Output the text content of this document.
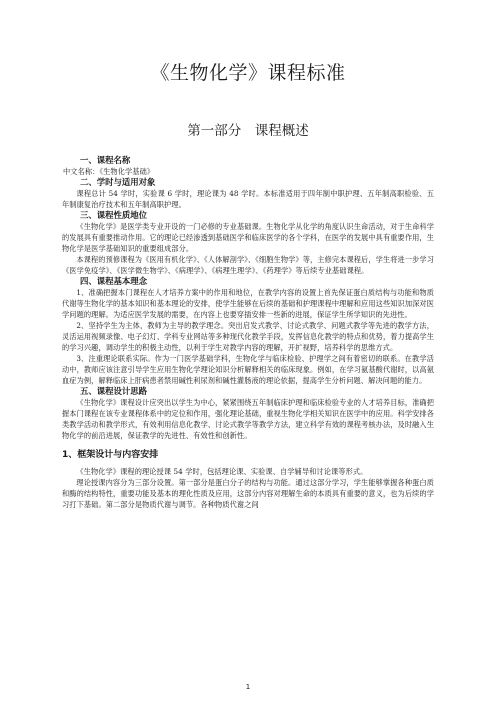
《生物化学》课程标准
第一部分　课程概述
一、课程名称
中文名称：《生物化学基础》
二、学时与适用对象
课程总计 54 学时，实验课 6 学时，理论课为 48 学时。本标准适用于四年制中职护理、五年制高职检验、五年制康复治疗技术和五年制高职护理。
三、课程性质地位
《生物化学》是医学类专业开设的一门必修的专业基础课。生物化学从化学的角度认识生命活动，对于生命科学的发展具有重要推动作用。它的理论已经渗透到基础医学和临床医学的各个学科，在医学的发展中具有重要作用，生物化学是医学基础知识的重要组成部分。
本课程的预修课程为《医用有机化学》、《人体解剖学》、《细胞生物学》等，主修完本课程后，学生将进一步学习《医学免疫学》、《医学微生物学》、《病理学》、《病理生理学》、《药理学》等后续专业基础课程。
四、课程基本理念
1、准确把握本门课程在人才培养方案中的作用和地位，在教学内容的设置上首先保证蛋白质结构与功能和物质代谢等生物化学的基本知识和基本理论的安排，使学生能够在后续的基础和护理课程中理解和应用这些知识加深对医学问题的理解。为适应医学发展的需要，在内容上也要穿插安排一些新的进展，保证学生所学知识的先进性。
2、坚持学生为主体，教师为主导的教学理念。突出启发式教学、讨论式教学、问题式教学等先进的教学方法，灵活运用视频录像、电子幻灯、学科专业网站等多种现代化教学手段，发挥信息化教学的特点和优势，着力提高学生的学习兴趣，调动学生的积极主动性，以利于学生对教学内容的理解，开扩视野，培养科学的思维方式。
3、注重理论联系实际。作为一门医学基础学科，生物化学与临床检验、护理学之间有着密切的联系。在教学活动中，教师应该注意引导学生应用生物化学理论知识分析解释相关的临床现象。例如，在学习氨基酸代谢时，以高氨血症为例，解释临床上肝病患者禁用碱性利尿剂和碱性灌肠液的理论依据，提高学生分析问题、解决问题的能力。
五、课程设计思路
《生物化学》课程设计应突出以学生为中心，紧紧围绕五年制临床护理和临床检验专业的人才培养目标，准确把握本门课程在该专业课程体系中的定位和作用，强化理论基础，重视生物化学相关知识在医学中的应用。科学安排各类教学活动和教学形式，有效利用信息化教学、讨论式教学等教学方法，建立科学有效的课程考核办法，及时融入生物化学的前沿进展，保证教学的先进性、有效性和创新性。
1、框架设计与内容安排
《生物化学》课程的理论授课 54 学时，包括理论课、实验课、自学辅导和讨论课等形式。
理论授课内容分为三部分设置。第一部分是蛋白分子的结构与功能。通过这部分学习，学生能够掌握各种蛋白质和酶的结构特性，重要功能及基本的理化性质及应用，这部分内容对理解生命的本质具有重要的意义，也为后续的学习打下基础。第二部分是物质代谢与调节。各种物质代谢之间
1
